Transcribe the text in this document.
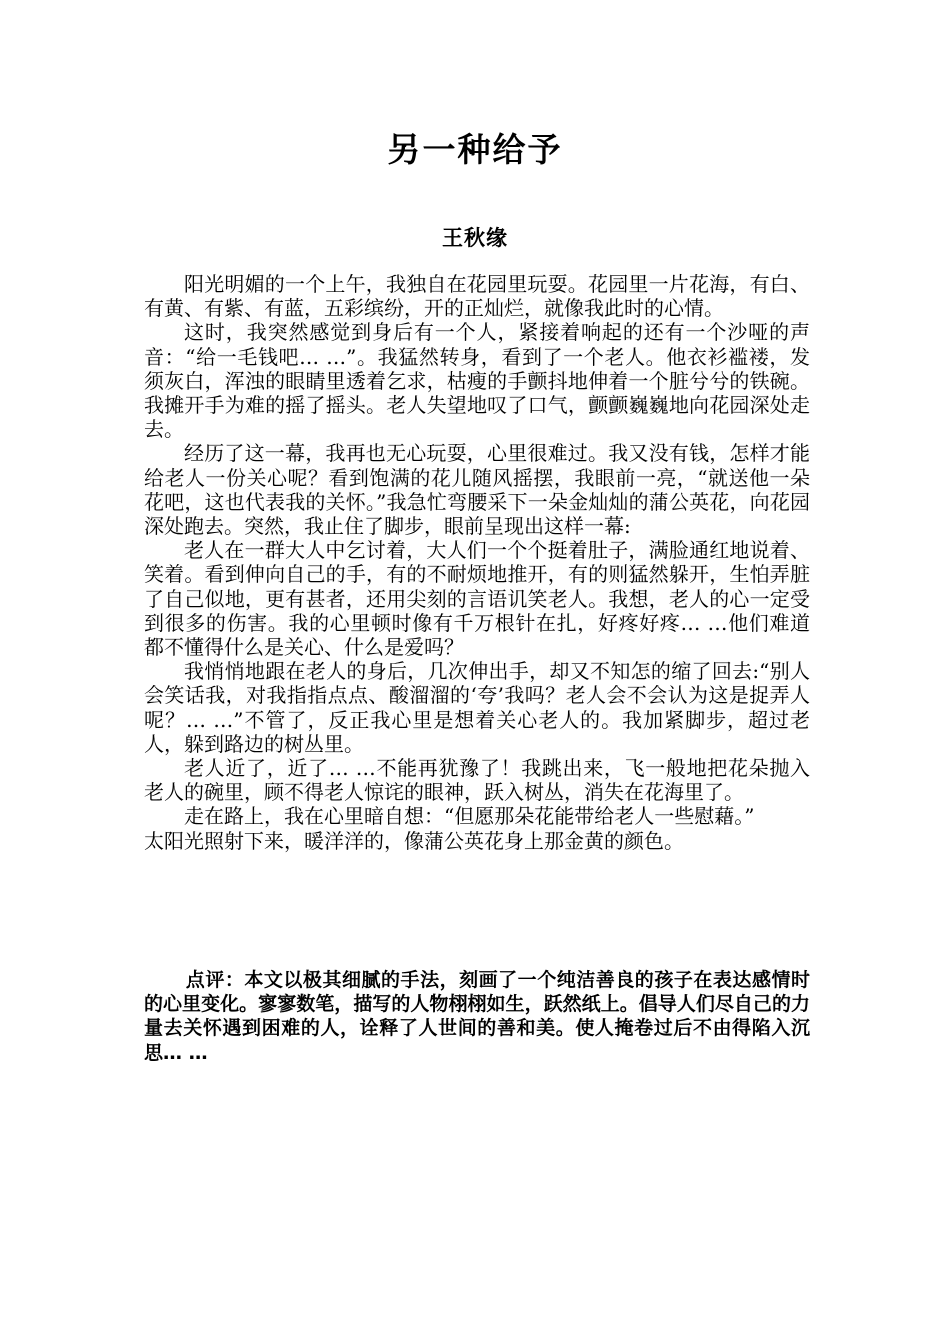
另一种给予
王秋缘

阳光明媚的一个上午，我独自在花园里玩耍。花园里一片花海，有白、有黄、有紫、有蓝，五彩缤纷，开的正灿烂，就像我此时的心情。

这时，我突然感觉到身后有一个人，紧接着响起的还有一个沙哑的声音：“给一毛钱吧… …”。我猛然转身，看到了一个老人。他衣衫褴褛，发须灰白，浑浊的眼睛里透着乞求，枯瘦的手颤抖地伸着一个脏兮兮的铁碗。我摊开手为难的摇了摇头。老人失望地叹了口气，颤颤巍巍地向花园深处走去。

经历了这一幕，我再也无心玩耍，心里很难过。我又没有钱，怎样才能给老人一份关心呢？看到饱满的花儿随风摇摆，我眼前一亮，“就送他一朵花吧，这也代表我的关怀。”我急忙弯腰采下一朵金灿灿的蒲公英花，向花园深处跑去。突然，我止住了脚步，眼前呈现出这样一幕:

老人在一群大人中乞讨着，大人们一个个挺着肚子，满脸通红地说着、笑着。看到伸向自己的手，有的不耐烦地推开，有的则猛然躲开，生怕弄脏了自己似地，更有甚者，还用尖刻的言语讥笑老人。我想，老人的心一定受到很多的伤害。我的心里顿时像有千万根针在扎，好疼好疼… …他们难道都不懂得什么是关心、什么是爱吗？

我悄悄地跟在老人的身后，几次伸出手，却又不知怎的缩了回去:“别人会笑话我，对我指指点点、酸溜溜的‘夸’我吗？老人会不会认为这是捉弄人呢？… …”不管了，反正我心里是想着关心老人的。我加紧脚步，超过老人，躲到路边的树丛里。

老人近了，近了… …不能再犹豫了！我跳出来，飞一般地把花朵抛入老人的碗里，顾不得老人惊诧的眼神，跃入树丛，消失在花海里了。

走在路上，我在心里暗自想：“但愿那朵花能带给老人一些慰藉。”

太阳光照射下来，暖洋洋的，像蒲公英花身上那金黄的颜色。

点评：本文以极其细腻的手法，刻画了一个纯洁善良的孩子在表达感情时的心里变化。寥寥数笔，描写的人物栩栩如生，跃然纸上。倡导人们尽自己的力量去关怀遇到困难的人，诠释了人世间的善和美。使人掩卷过后不由得陷入沉思… …
